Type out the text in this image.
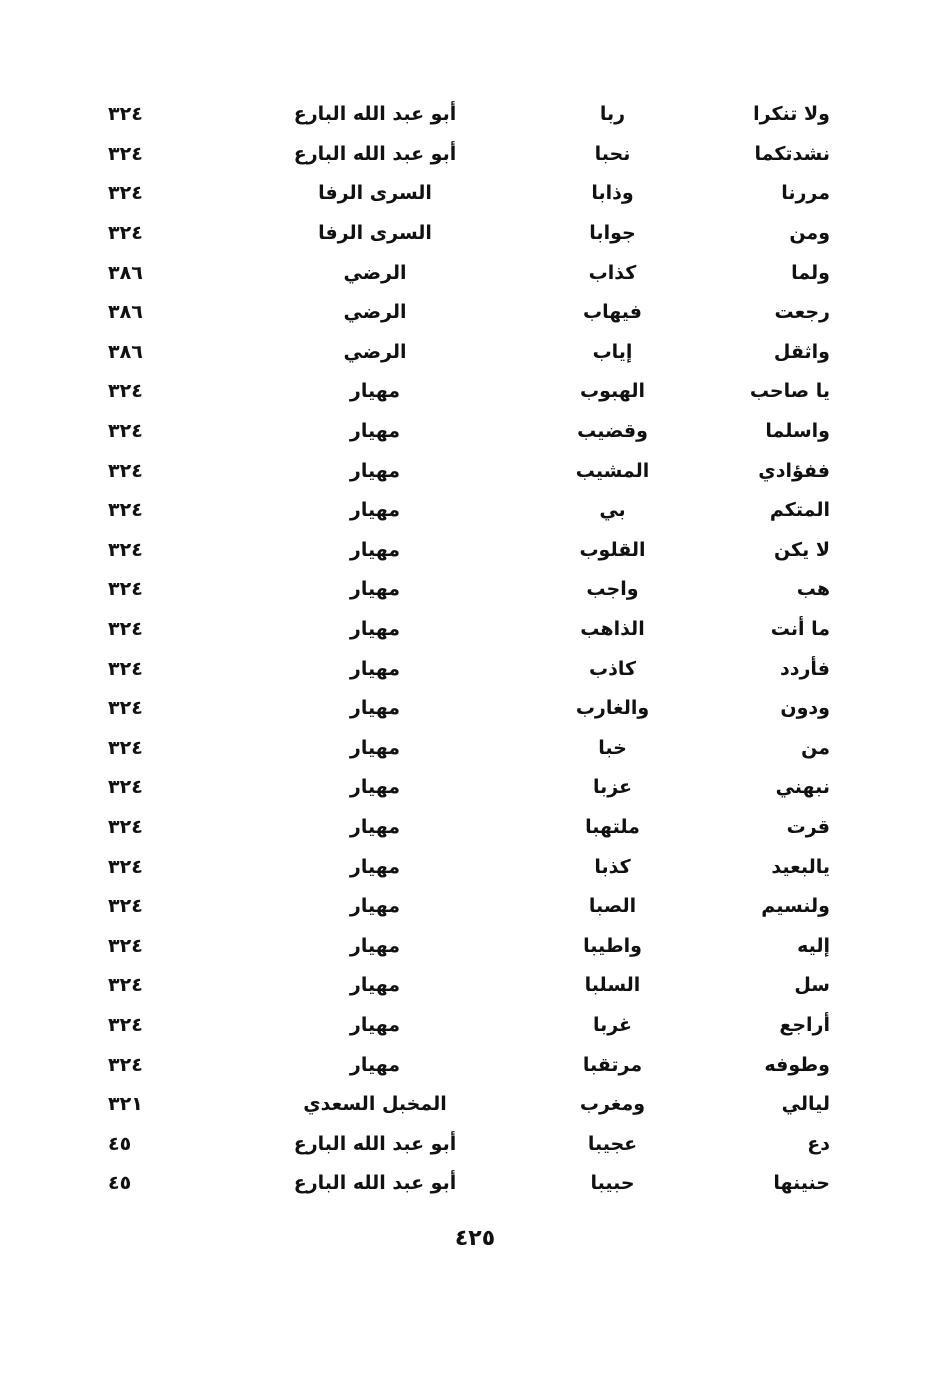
ولا تنكرا
ربا
أبو عبد الله البارع
٣٢٤
نشدتكما
نحبا
أبو عبد الله البارع
٣٢٤
مررنا
وذابا
السرى الرفا
٣٢٤
ومن
جوابا
السرى الرفا
٣٢٤
ولما
كذاب
الرضي
٣٨٦
رجعت
فيهاب
الرضي
٣٨٦
واثقل
إياب
الرضي
٣٨٦
يا صاحب
الهبوب
مهيار
٣٢٤
واسلما
وقضيب
مهيار
٣٢٤
ففؤادي
المشيب
مهيار
٣٢٤
المتكم
بي
مهيار
٣٢٤
لا يكن
القلوب
مهيار
٣٢٤
هب
واجب
مهيار
٣٢٤
ما أنت
الذاهب
مهيار
٣٢٤
فأردد
كاذب
مهيار
٣٢٤
ودون
والغارب
مهيار
٣٢٤
من
خبا
مهيار
٣٢٤
نبهني
عزبا
مهيار
٣٢٤
قرت
ملتهبا
مهيار
٣٢٤
يالبعيد
كذبا
مهيار
٣٢٤
ولنسيم
الصبا
مهيار
٣٢٤
إليه
واطيبا
مهيار
٣٢٤
سل
السلبا
مهيار
٣٢٤
أراجع
غربا
مهيار
٣٢٤
وطوفه
مرتقبا
مهيار
٣٢٤
ليالي
ومغرب
المخبل السعدي
٣٢١
دع
عجيبا
أبو عبد الله البارع
٤٥
حنينها
حبيبا
أبو عبد الله البارع
٤٥
٤٢٥
